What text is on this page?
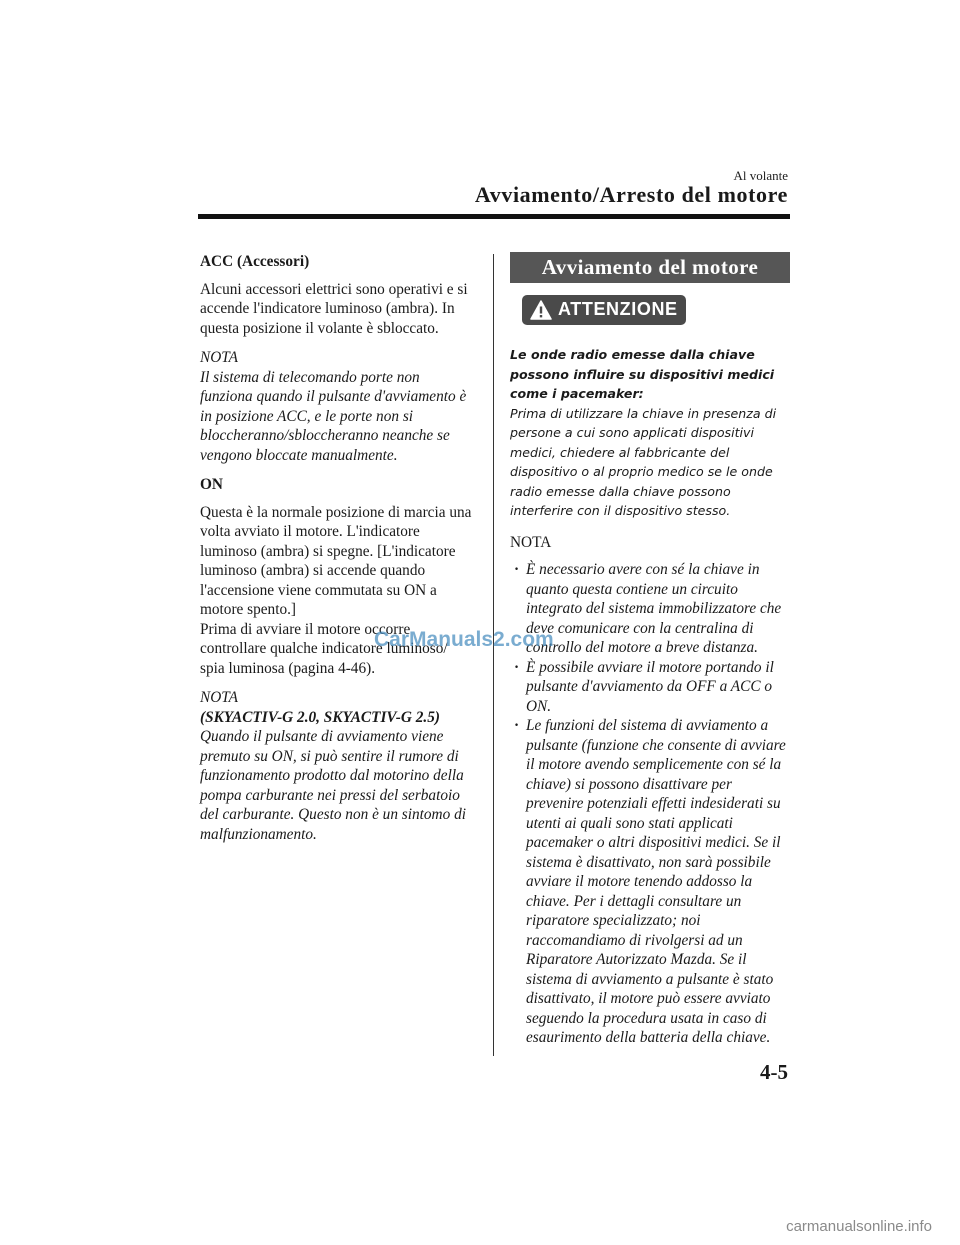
Al volante
Avviamento/Arresto del motore
ACC (Accessori)

Alcuni accessori elettrici sono operativi e si accende l'indicatore luminoso (ambra). In questa posizione il volante è sbloccato.

NOTA
Il sistema di telecomando porte non funziona quando il pulsante d'avviamento è in posizione ACC, e le porte non si bloccheranno/sbloccheranno neanche se vengono bloccate manualmente.
ON

Questa è la normale posizione di marcia una volta avviato il motore. L'indicatore luminoso (ambra) si spegne. [L'indicatore luminoso (ambra) si accende quando l'accensione viene commutata su ON a motore spento.]

Prima di avviare il motore occorre controllare qualche indicatore luminoso/ spia luminosa (pagina 4-46).

NOTA
(SKYACTIV-G 2.0, SKYACTIV-G 2.5)
Quando il pulsante di avviamento viene premuto su ON, si può sentire il rumore di funzionamento prodotto dal motorino della pompa carburante nei pressi del serbatoio del carburante. Questo non è un sintomo di malfunzionamento.
Avviamento del motore
ATTENZIONE
Le onde radio emesse dalla chiave possono influire su dispositivi medici come i pacemaker:
Prima di utilizzare la chiave in presenza di persone a cui sono applicati dispositivi medici, chiedere al fabbricante del dispositivo o al proprio medico se le onde radio emesse dalla chiave possono interferire con il dispositivo stesso.
NOTA
· È necessario avere con sé la chiave in quanto questa contiene un circuito integrato del sistema immobilizzatore che deve comunicare con la centralina di controllo del motore a breve distanza.
· È possibile avviare il motore portando il pulsante d'avviamento da OFF a ACC o ON.
· Le funzioni del sistema di avviamento a pulsante (funzione che consente di avviare il motore avendo semplicemente con sé la chiave) si possono disattivare per prevenire potenziali effetti indesiderati su utenti ai quali sono stati applicati pacemaker o altri dispositivi medici. Se il sistema è disattivato, non sarà possibile avviare il motore tenendo addosso la chiave. Per i dettagli consultare un riparatore specializzato; noi raccomandiamo di rivolgersi ad un Riparatore Autorizzato Mazda. Se il sistema di avviamento a pulsante è stato disattivato, il motore può essere avviato seguendo la procedura usata in caso di esaurimento della batteria della chiave.
CarManuals2.com
4-5
carmanualsonline.info
